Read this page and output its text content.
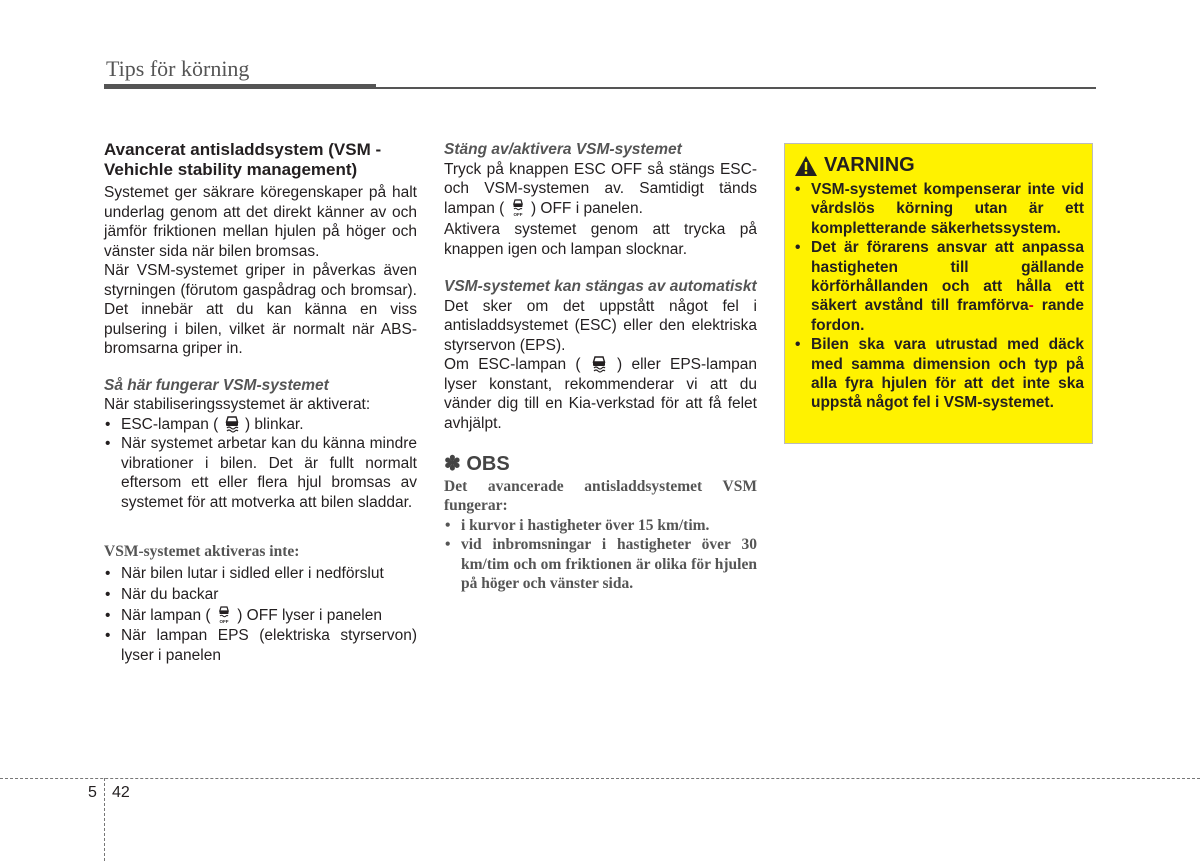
Tips för körning

Avancerat antisladdsystem (VSM - Vehichle stability management)

Systemet ger säkrare köregenskaper på halt underlag genom att det direkt känner av och jämför friktionen mellan hjulen på höger och vänster sida när bilen bromsas.

När VSM-systemet griper in påverkas även styrningen (förutom gaspådrag och bromsar). Det innebär att du kan känna en viss pulsering i bilen, vilket är normalt när ABS-bromsarna griper in.

Så här fungerar VSM-systemet

När stabiliseringssystemet är aktiverat:

• ESC-lampan ( ) blinkar.
• När systemet arbetar kan du känna mindre vibrationer i bilen. Det är fullt normalt eftersom ett eller flera hjul bromsas av systemet för att motverka att bilen sladdar.

VSM-systemet aktiveras inte:

• När bilen lutar i sidled eller i nedförslut
• När du backar
• När lampan ( ) OFF lyser i panelen
• När lampan EPS (elektriska styrservon) lyser i panelen

Stäng av/aktivera VSM-systemet

Tryck på knappen ESC OFF så stängs ESC- och VSM-systemen av. Samtidigt tänds lampan ( ) OFF i panelen.

Aktivera systemet genom att trycka på knappen igen och lampan slocknar.

VSM-systemet kan stängas av automatiskt

Det sker om det uppstått något fel i antisladdsystemet (ESC) eller den elektriska styrservon (EPS).

Om ESC-lampan ( ) eller EPS-lampan lyser konstant, rekommenderar vi att du vänder dig till en Kia-verkstad för att få felet avhjälpt.

✽ OBS

Det avancerade antisladdsystemet VSM fungerar:

• i kurvor i hastigheter över 15 km/tim.
• vid inbromsningar i hastigheter över 30 km/tim och om friktionen är olika för hjulen på höger och vänster sida.
VARNING
• VSM-systemet kompenserar inte vid vårdslös körning utan är ett kompletterande säkerhetssystem.
• Det är förarens ansvar att anpassa hastigheten till gällande körförhållanden och att hålla ett säkert avstånd till framförva- rande fordon.
• Bilen ska vara utrustad med däck med samma dimension och typ på alla fyra hjulen för att det inte ska uppstå något fel i VSM-systemet.
5 42
